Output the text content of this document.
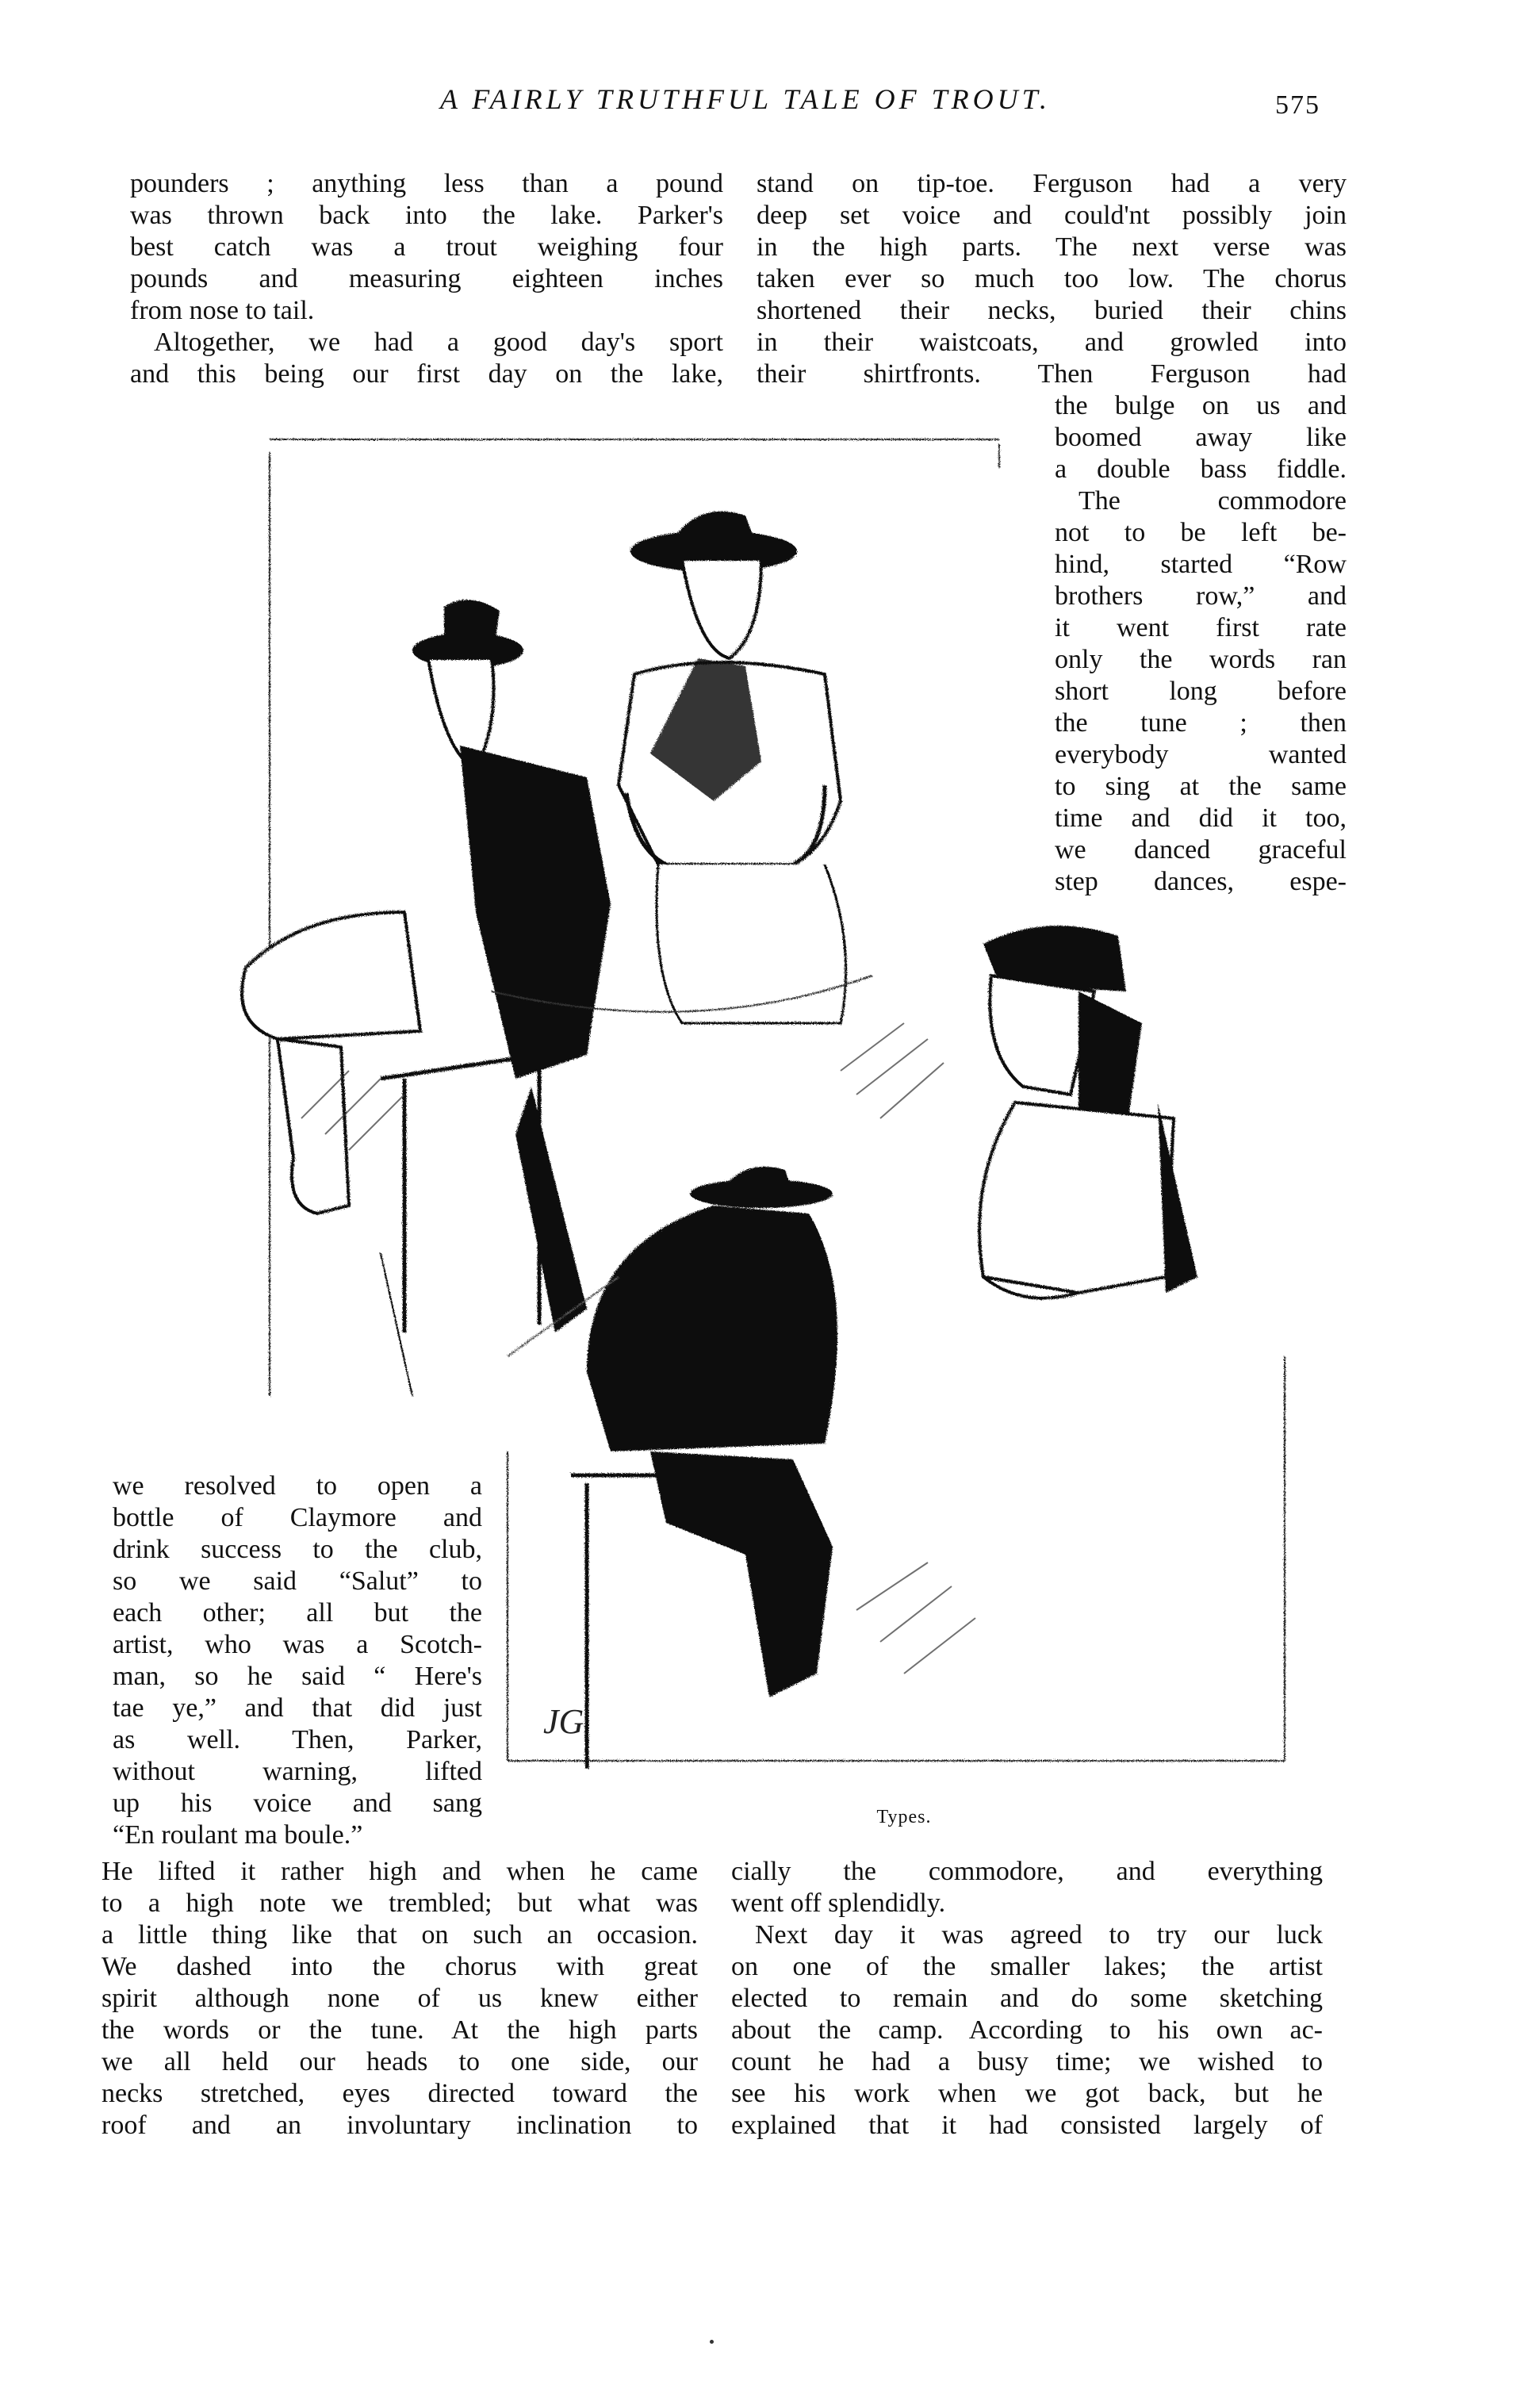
A FAIRLY TRUTHFUL TALE OF TROUT.	575

pounders ; anything less than a pound
was thrown back into the lake. Parker's
best catch was a trout weighing four
pounds and measuring eighteen inches
from nose to tail.

Altogether, we had a good day's sport
and this being our first day on the lake,

stand on tip-toe. Ferguson had a very
deep set voice and could'nt possibly join
in the high parts. The next verse was
taken ever so much too low. The chorus
shortened their necks, buried their chins
in their waistcoats, and growled into
their shirtfronts. Then Ferguson had

the bulge on us and
boomed away like
a double bass fiddle.

The commodore
not to be left be-
hind, started “Row
brothers row,” and
it went first rate
only the words ran
short long before
the tune ; then
everybody wanted
to sing at the same
time and did it too,
we danced graceful
step dances, espe-

JG

we resolved to open a
bottle of Claymore and
drink success to the club,
so we said “Salut” to
each other; all but the
artist, who was a Scotch-
man, so he said “ Here's
tae ye,” and that did just
as well. Then, Parker,
without warning, lifted
up his voice and sang
“En roulant ma boule.”

Types.

He lifted it rather high and when he came
to a high note we trembled; but what was
a little thing like that on such an occasion.
We dashed into the chorus with great
spirit although none of us knew either
the words or the tune. At the high parts
we all held our heads to one side, our
necks stretched, eyes directed toward the
roof and an involuntary inclination to

cially the commodore, and everything
went off splendidly.

Next day it was agreed to try our luck
on one of the smaller lakes; the artist
elected to remain and do some sketching
about the camp. According to his own ac-
count he had a busy time; we wished to
see his work when we got back, but he
explained that it had consisted largely of
